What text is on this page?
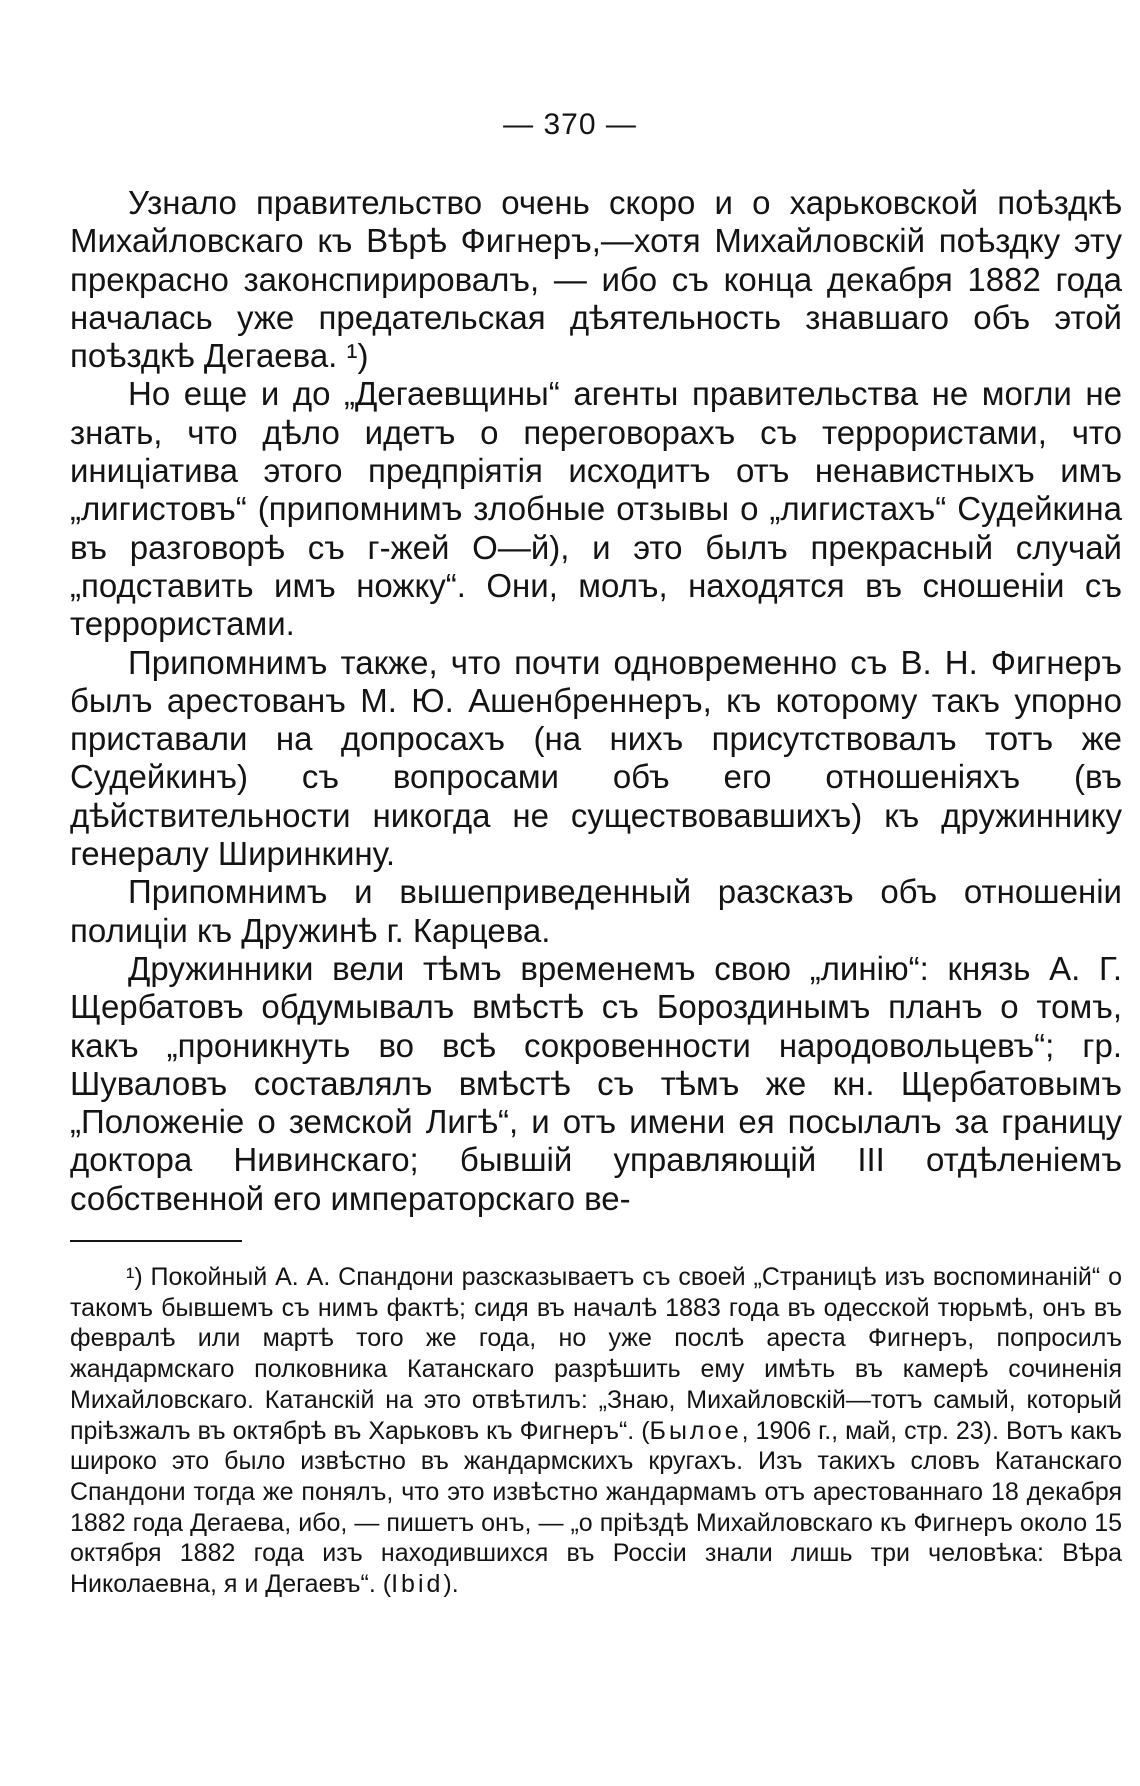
— 370 —

Узнало правительство очень скоро и о харьковской поѣздкѣ Михайловскаго къ Вѣрѣ Фигнеръ,—хотя Михайловскій поѣздку эту прекрасно законспирировалъ, — ибо съ конца декабря 1882 года началась уже предательская дѣятельность знавшаго объ этой поѣздкѣ Дегаева. ¹)

Но еще и до „Дегаевщины“ агенты правительства не могли не знать, что дѣло идетъ о переговорахъ съ террористами, что иниціатива этого предпріятія исходитъ отъ ненавистныхъ имъ „лигистовъ“ (припомнимъ злобные отзывы о „лигистахъ“ Судейкина въ разговорѣ съ г-жей О—й), и это былъ прекрасный случай „подставить имъ ножку“. Они, молъ, находятся въ сношеніи съ террористами.

Припомнимъ также, что почти одновременно съ В. Н. Фигнеръ былъ арестованъ М. Ю. Ашенбреннеръ, къ которому такъ упорно приставали на допросахъ (на нихъ присутствовалъ тотъ же Судейкинъ) съ вопросами объ его отношеніяхъ (въ дѣйствительности никогда не существовавшихъ) къ дружиннику генералу Ширинкину.

Припомнимъ и вышеприведенный разсказъ объ отношеніи полиціи къ Дружинѣ г. Карцева.

Дружинники вели тѣмъ временемъ свою „линію“: князь А. Г. Щербатовъ обдумывалъ вмѣстѣ съ Бороздинымъ планъ о томъ, какъ „проникнуть во всѣ сокровенности народовольцевъ“; гр. Шуваловъ составлялъ вмѣстѣ съ тѣмъ же кн. Щербатовымъ „Положеніе о земской Лигѣ“, и отъ имени ея посылалъ за границу доктора Нивинскаго; бывшій управляющій III отдѣленіемъ собственной его императорскаго ве-

¹) Покойный А. А. Спандони разсказываетъ съ своей „Страницѣ изъ воспоминаній“ о такомъ бывшемъ съ нимъ фактѣ; сидя въ началѣ 1883 года въ одесской тюрьмѣ, онъ въ февралѣ или мартѣ того же года, но уже послѣ ареста Фигнеръ, попросилъ жандармскаго полковника Катанскаго разрѣшить ему имѣть въ камерѣ сочиненія Михайловскаго. Катанскій на это отвѣтилъ: „Знаю, Михайловскій—тотъ самый, который пріѣзжалъ въ октябрѣ въ Харьковъ къ Фигнеръ“. (Былое, 1906 г., май, стр. 23). Вотъ какъ широко это было извѣстно въ жандармскихъ кругахъ. Изъ такихъ словъ Катанскаго Спандони тогда же понялъ, что это извѣстно жандармамъ отъ арестованнаго 18 декабря 1882 года Дегаева, ибо, — пишетъ онъ, — „о пріѣздѣ Михайловскаго къ Фигнеръ около 15 октября 1882 года изъ находившихся въ Россіи знали лишь три человѣка: Вѣра Николаевна, я и Дегаевъ“. (Ibid).
